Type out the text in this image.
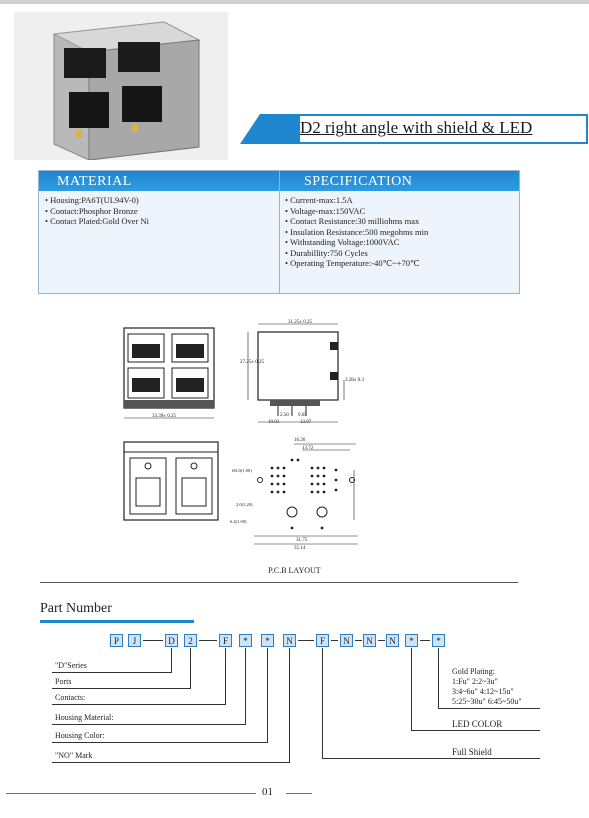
D2 right angle with shield & LED
MATERIAL	SPECIFICATION
• Housing:PA6T(UL94V-0)
• Contact:Phosphor Bronze
• Contact Plated:Gold Over Ni
• Current-max:1.5A
• Voltage-max:150VAC
• Contact Resistance:30 milliohms max
• Insulation Resistance:500 megohms min
• Withstanding Voltage:1000VAC
• Durabillity:750 Cycles
• Operating Temperature:-40℃~+70℃
33.39± 0.25
31.25± 0.25
27.25± 0.25
3.28± 0.3
2.50 9.65
10.03	13.97
16.26
13.72
Ø4.0(1.00)
2.0(3.20)
6.4(1.00)
31.75
35.14
P.C.B LAYOUT
Part Number
P	J	D	2	F	*	*	N	F	N	N	N	*	*
"D"Series
Ports
Contacts:
Housing Material:
Housing Color:
"NO" Mark
Gold Plating:
1:Fu" 2:2~3u"
3:4~6u" 4:12~15u"
5:25~30u" 6:45~50u"
LED COLOR
Full Shield
01
